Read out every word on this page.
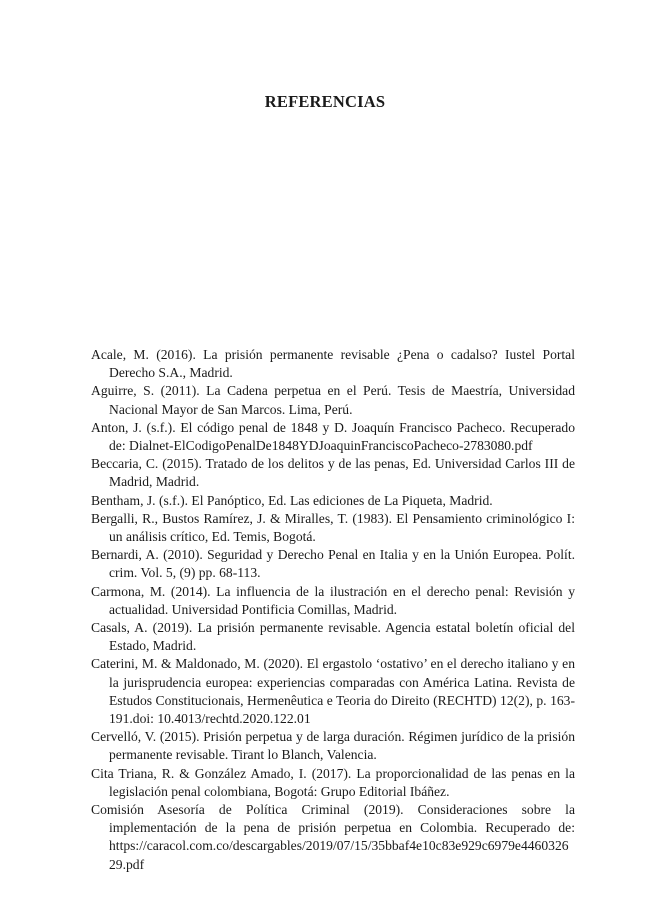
REFERENCIAS

Acale, M. (2016). La prisión permanente revisable ¿Pena o cadalso? Iustel Portal Derecho S.A., Madrid.

Aguirre, S. (2011). La Cadena perpetua en el Perú. Tesis de Maestría, Universidad Nacional Mayor de San Marcos. Lima, Perú.

Anton, J. (s.f.). El código penal de 1848 y D. Joaquín Francisco Pacheco. Recuperado de: Dialnet-ElCodigoPenalDe1848YDJoaquinFranciscoPacheco-2783080.pdf

Beccaria, C. (2015). Tratado de los delitos y de las penas, Ed. Universidad Carlos III de Madrid, Madrid.

Bentham, J. (s.f.). El Panóptico, Ed. Las ediciones de La Piqueta, Madrid.

Bergalli, R., Bustos Ramírez, J. & Miralles, T. (1983). El Pensamiento criminológico I: un análisis crítico, Ed. Temis, Bogotá.

Bernardi, A. (2010). Seguridad y Derecho Penal en Italia y en la Unión Europea. Polít. crim. Vol. 5, (9) pp. 68-113.

Carmona, M. (2014). La influencia de la ilustración en el derecho penal: Revisión y actualidad. Universidad Pontificia Comillas, Madrid.

Casals, A. (2019). La prisión permanente revisable. Agencia estatal boletín oficial del Estado, Madrid.

Caterini, M. & Maldonado, M. (2020). El ergastolo ‘ostativo’ en el derecho italiano y en la jurisprudencia europea: experiencias comparadas con América Latina. Revista de Estudos Constitucionais, Hermenêutica e Teoria do Direito (RECHTD) 12(2), p. 163-191.doi: 10.4013/rechtd.2020.122.01

Cervelló, V. (2015). Prisión perpetua y de larga duración. Régimen jurídico de la prisión permanente revisable. Tirant lo Blanch, Valencia.

Cita Triana, R. & González Amado, I. (2017). La proporcionalidad de las penas en la legislación penal colombiana, Bogotá: Grupo Editorial Ibáñez.

Comisión Asesoría de Política Criminal (2019). Consideraciones sobre la implementación de la pena de prisión perpetua en Colombia. Recuperado de: https://caracol.com.co/descargables/2019/07/15/35bbaf4e10c83e929c6979e446032629.pdf
